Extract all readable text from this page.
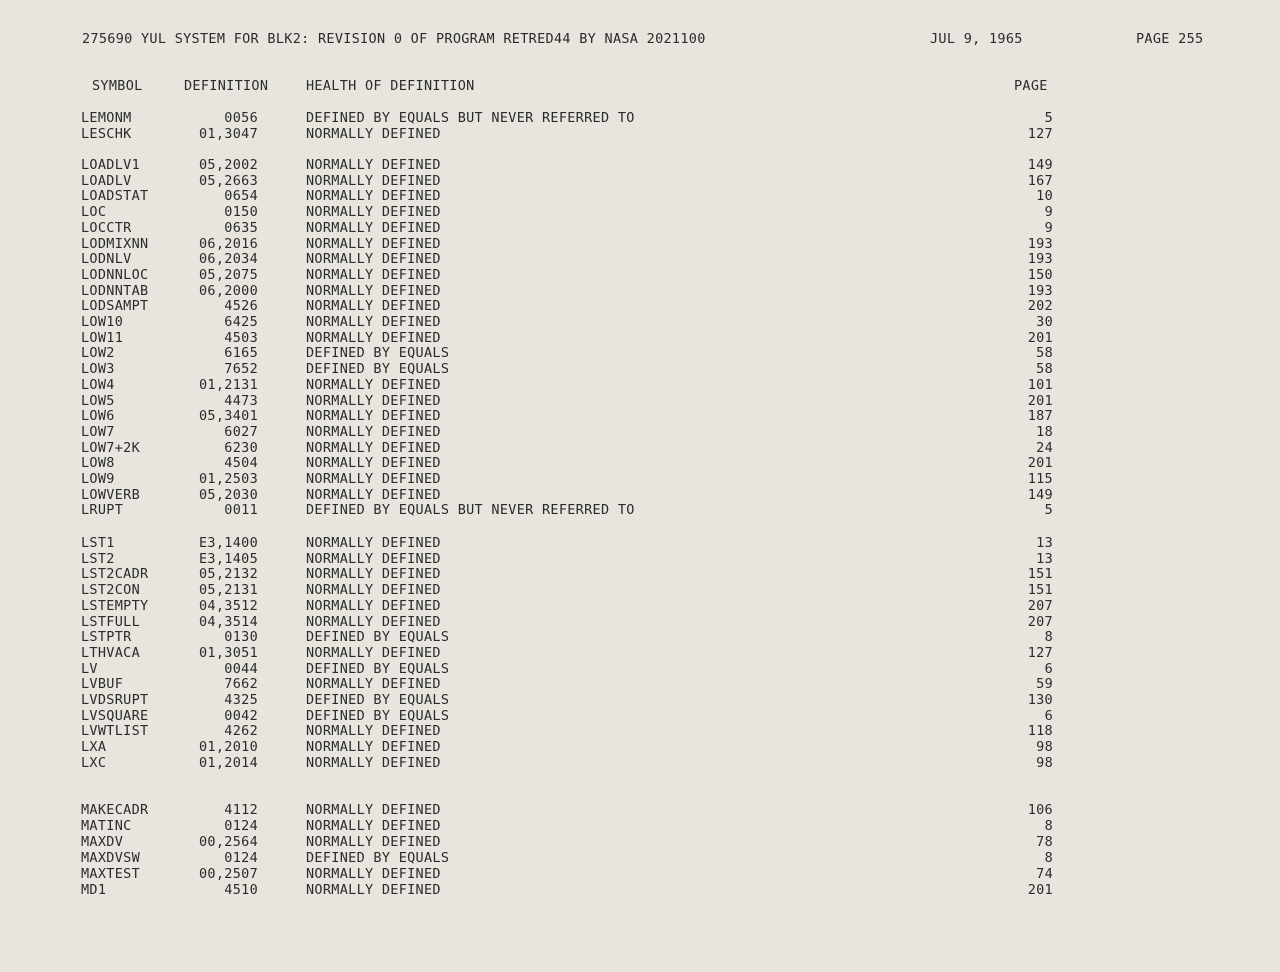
275690 YUL SYSTEM FOR BLK2: REVISION 0 OF PROGRAM RETRED44 BY NASA 2021100	JUL 9, 1965	PAGE 255
SYMBOL	DEFINITION	HEALTH OF DEFINITION	PAGE
LEMONM	0056	DEFINED BY EQUALS BUT NEVER REFERRED TO	5
LESCHK	01,3047	NORMALLY DEFINED	127
LOADLV1	05,2002	NORMALLY DEFINED	149
LOADLV	05,2663	NORMALLY DEFINED	167
LOADSTAT	0654	NORMALLY DEFINED	10
LOC	0150	NORMALLY DEFINED	9
LOCCTR	0635	NORMALLY DEFINED	9
LODMIXNN	06,2016	NORMALLY DEFINED	193
LODNLV	06,2034	NORMALLY DEFINED	193
LODNNLOC	05,2075	NORMALLY DEFINED	150
LODNNTAB	06,2000	NORMALLY DEFINED	193
LODSAMPT	4526	NORMALLY DEFINED	202
LOW10	6425	NORMALLY DEFINED	30
LOW11	4503	NORMALLY DEFINED	201
LOW2	6165	DEFINED BY EQUALS	58
LOW3	7652	DEFINED BY EQUALS	58
LOW4	01,2131	NORMALLY DEFINED	101
LOW5	4473	NORMALLY DEFINED	201
LOW6	05,3401	NORMALLY DEFINED	187
LOW7	6027	NORMALLY DEFINED	18
LOW7+2K	6230	NORMALLY DEFINED	24
LOW8	4504	NORMALLY DEFINED	201
LOW9	01,2503	NORMALLY DEFINED	115
LOWVERB	05,2030	NORMALLY DEFINED	149
LRUPT	0011	DEFINED BY EQUALS BUT NEVER REFERRED TO	5
LST1	E3,1400	NORMALLY DEFINED	13
LST2	E3,1405	NORMALLY DEFINED	13
LST2CADR	05,2132	NORMALLY DEFINED	151
LST2CON	05,2131	NORMALLY DEFINED	151
LSTEMPTY	04,3512	NORMALLY DEFINED	207
LSTFULL	04,3514	NORMALLY DEFINED	207
LSTPTR	0130	DEFINED BY EQUALS	8
LTHVACA	01,3051	NORMALLY DEFINED	127
LV	0044	DEFINED BY EQUALS	6
LVBUF	7662	NORMALLY DEFINED	59
LVDSRUPT	4325	DEFINED BY EQUALS	130
LVSQUARE	0042	DEFINED BY EQUALS	6
LVWTLIST	4262	NORMALLY DEFINED	118
LXA	01,2010	NORMALLY DEFINED	98
LXC	01,2014	NORMALLY DEFINED	98
MAKECADR	4112	NORMALLY DEFINED	106
MATINC	0124	NORMALLY DEFINED	8
MAXDV	00,2564	NORMALLY DEFINED	78
MAXDVSW	0124	DEFINED BY EQUALS	8
MAXTEST	00,2507	NORMALLY DEFINED	74
MD1	4510	NORMALLY DEFINED	201
